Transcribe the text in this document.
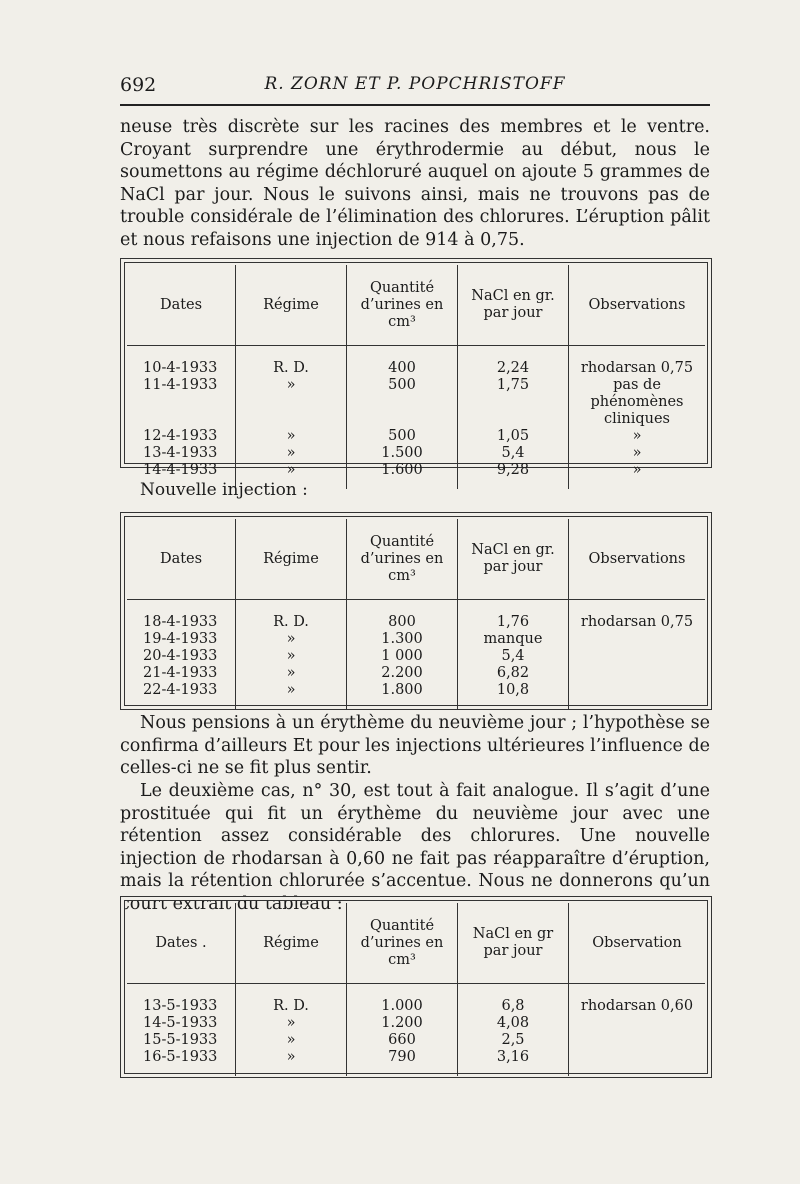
692	R. ZORN ET P. POPCHRISTOFF

neuse très discrète sur les racines des membres et le ventre. Croyant surprendre une érythrodermie au début, nous le soumettons au régime déchloruré auquel on ajoute 5 grammes de NaCl par jour. Nous le suivons ainsi, mais ne trouvons pas de trouble considérale de l’élimination des chlorures. L’éruption pâlit et nous refaisons une injection de 914 à 0,75.

Dates	Régime	Quantité d’urines en cm³	NaCl en gr. par jour	Observations
10-4-1933	R. D.	400	2,24	rhodarsan 0,75
11-4-1933	»	500	1,75	pas de phénomènes cliniques
12-4-1933	»	500	1,05	»
13-4-1933	»	1.500	5,4	»
14-4-1933	»	1.600	9,28	»
Nouvelle injection :
Dates	Régime	Quantité d’urines en cm³	NaCl en gr. par jour	Observations
18-4-1933	R. D.	800	1,76	rhodarsan 0,75
19-4-1933	»	1.300	manque	
20-4-1933	»	1 000	5,4	
21-4-1933	»	2.200	6,82	
22-4-1933	»	1.800	10,8	

Nous pensions à un érythème du neuvième jour ; l’hypothèse se confirma d’ailleurs Et pour les injections ultérieures l’influence de celles-ci ne se fit plus sentir.

Le deuxième cas, n° 30, est tout à fait analogue. Il s’agit d’une prostituée qui fit un érythème du neuvième jour avec une rétention assez considérable des chlorures. Une nouvelle injection de rhodarsan à 0,60 ne fait pas réapparaître d’éruption, mais la rétention chlorurée s’accentue. Nous ne donnerons qu’un court extrait du tableau :

Dates .	Régime	Quantité d’urines en cm³	NaCl en gr par jour	Observation
13-5-1933	R. D.	1.000	6,8	rhodarsan 0,60
14-5-1933	»	1.200	4,08	
15-5-1933	»	660	2,5	
16-5-1933	»	790	3,16	
